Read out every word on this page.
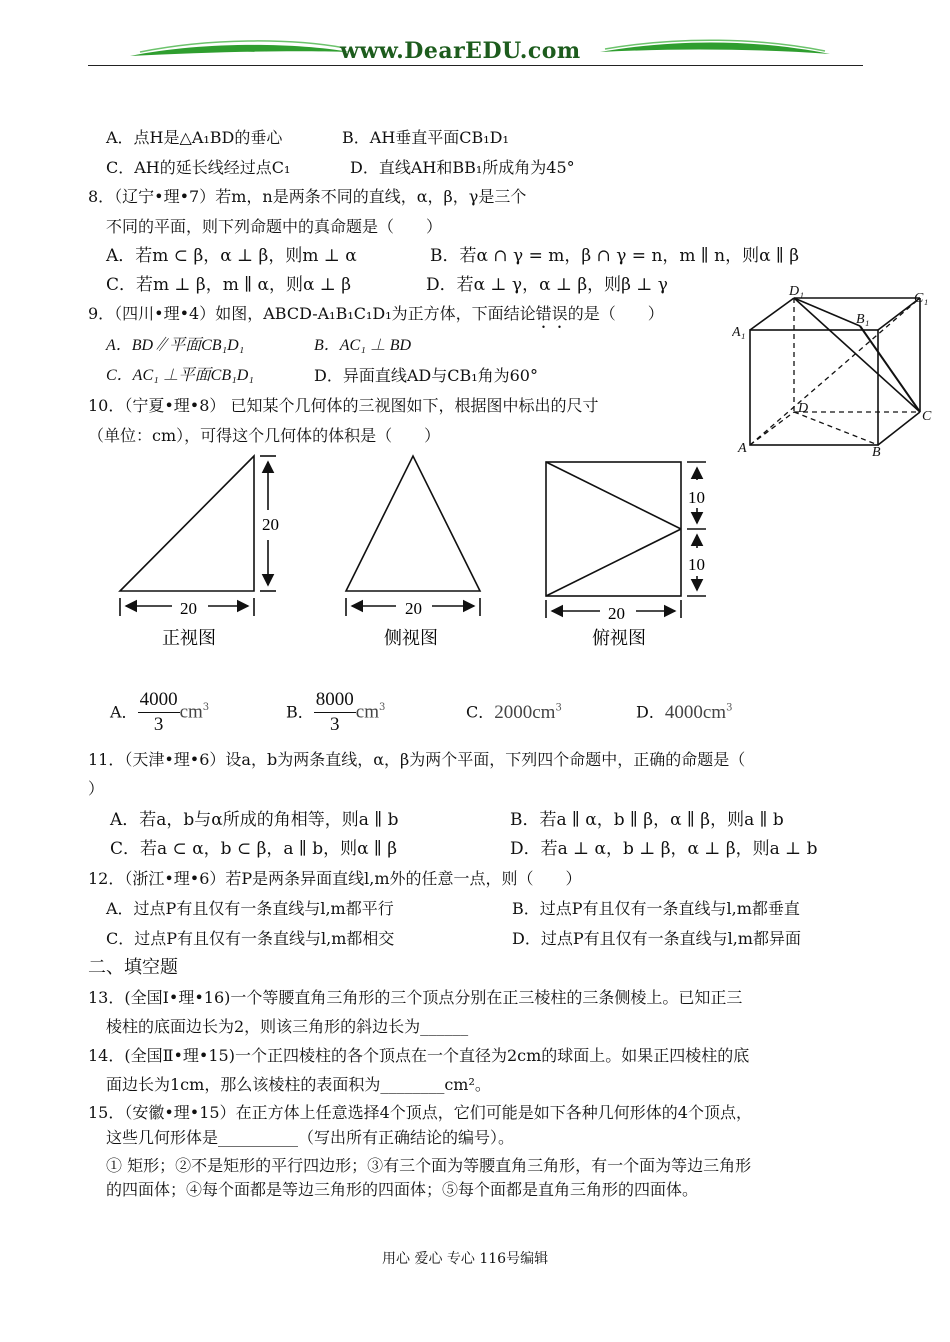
www.DearEDU.com
A．点H是△A₁BD的垂心	B．AH垂直平面CB₁D₁
C．AH的延长线经过点C₁	D．直线AH和BB₁所成角为45°
8．（辽宁•理•7）若m，n是两条不同的直线，α，β，γ是三个
不同的平面，则下列命题中的真命题是（　　）
A．若m ⊂ β，α ⊥ β，则m ⊥ α	B．若α ∩ γ = m，β ∩ γ = n，m ∥ n，则α ∥ β
C．若m ⊥ β，m ∥ α，则α ⊥ β	D．若α ⊥ γ，α ⊥ β，则β ⊥ γ
9．（四川•理•4）如图，ABCD-A₁B₁C₁D₁为正方体，下面结论错误的是（　　）
A．BD∥平面CB₁D₁	B．AC₁ ⊥ BD
C．AC₁ ⊥平面CB₁D₁	D．异面直线AD与CB₁角为60°
D₁	C₁
A₁
B₁
D
C
A	B
10．（宁夏•理•8） 已知某个几何体的三视图如下，根据图中标出的尺寸
（单位：cm），可得这个几何体的体积是（　　）
20
20
正视图
20
侧视图
20
10
10
俯视图
A． $\frac{4000}{3} cm^3$	B． $\frac{8000}{3} cm^3$	C．$2000cm^3$	D．$4000cm^3$
11．（天津•理•6）设a，b为两条直线，α，β为两个平面，下列四个命题中，正确的命题是（
）
A．若a，b与α所成的角相等，则a ∥ b	B．若a ∥ α，b ∥ β，α ∥ β，则a ∥ b
C．若a ⊂ α，b ⊂ β，a ∥ b，则α ∥ β	D．若a ⊥ α，b ⊥ β，α ⊥ β，则a ⊥ b
12．（浙江•理•6）若P是两条异面直线l,m外的任意一点，则（　　）
A．过点P有且仅有一条直线与l,m都平行	B．过点P有且仅有一条直线与l,m都垂直
C．过点P有且仅有一条直线与l,m都相交	D．过点P有且仅有一条直线与l,m都异面
二、填空题
13．(全国Ⅰ•理•16)一个等腰直角三角形的三个顶点分别在正三棱柱的三条侧棱上。已知正三
棱柱的底面边长为2，则该三角形的斜边长为______
14．(全国Ⅱ•理•15)一个正四棱柱的各个顶点在一个直径为2cm的球面上。如果正四棱柱的底
面边长为1cm，那么该棱柱的表面积为________cm²。
15．（安徽•理•15）在正方体上任意选择4个顶点，它们可能是如下各种几何形体的4个顶点，
这些几何形体是__________（写出所有正确结论的编号）。
① 矩形；②不是矩形的平行四边形；③有三个面为等腰直角三角形，有一个面为等边三角形
的四面体；④每个面都是等边三角形的四面体；⑤每个面都是直角三角形的四面体。
用心 爱心 专心 116号编辑
